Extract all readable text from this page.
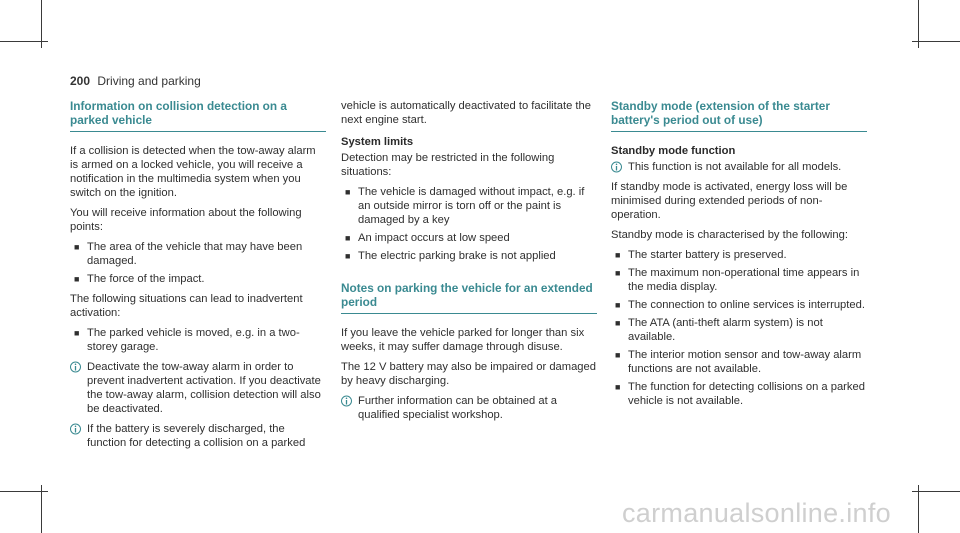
200 Driving and parking
Information on collision detection on a parked vehicle

If a collision is detected when the tow-away alarm is armed on a locked vehicle, you will receive a notification in the multimedia system when you switch on the ignition.

You will receive information about the following points:

■ The area of the vehicle that may have been damaged.
■ The force of the impact.

The following situations can lead to inadvertent activation:

■ The parked vehicle is moved, e.g. in a two-storey garage.
Deactivate the tow-away alarm in order to prevent inadvertent activation. If you deactivate the tow-away alarm, collision detection will also be deactivated.
If the battery is severely discharged, the function for detecting a collision on a parked

vehicle is automatically deactivated to facilitate the next engine start.

System limits

Detection may be restricted in the following situations:

■ The vehicle is damaged without impact, e.g. if an outside mirror is torn off or the paint is damaged by a key
■ An impact occurs at low speed
■ The electric parking brake is not applied
Notes on parking the vehicle for an extended period

If you leave the vehicle parked for longer than six weeks, it may suffer damage through disuse.

The 12 V battery may also be impaired or damaged by heavy discharging.

Further information can be obtained at a qualified specialist workshop.
Standby mode (extension of the starter battery's period out of use)
Standby mode function
This function is not available for all models.

If standby mode is activated, energy loss will be minimised during extended periods of non-operation.

Standby mode is characterised by the following:

■ The starter battery is preserved.
■ The maximum non-operational time appears in the media display.
■ The connection to online services is interrupted.
■ The ATA (anti-theft alarm system) is not available.
■ The interior motion sensor and tow-away alarm functions are not available.
■ The function for detecting collisions on a parked vehicle is not available.
carmanualsonline.info
